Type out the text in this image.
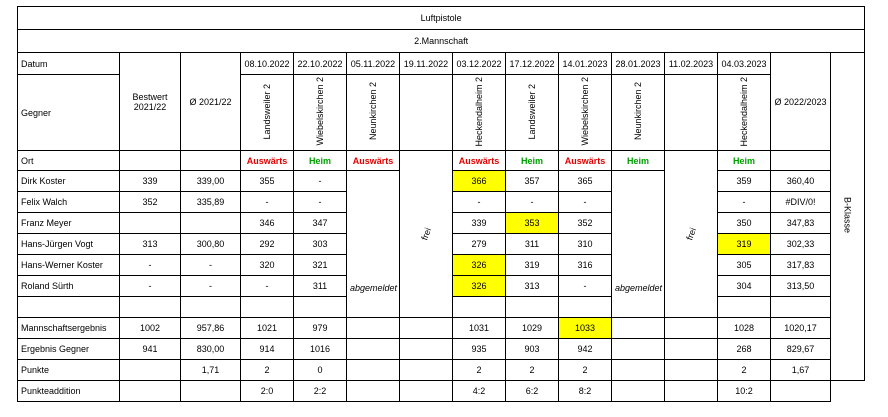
Luftpistole														
2.Mannschaft														
Datum	Bestwert 2021/22	Ø 2021/22	08.10.2022	22.10.2022	05.11.2022	19.11.2022	03.12.2022	17.12.2022	14.01.2023	28.01.2023	11.02.2023	04.03.2023	Ø 2022/2023	B-Klasse
Gegner			Landsweiler 2	Wiebelskirchen 2	Neunkirchen 2		Heckendalheim 2	Landsweiler 2	Wiebelskirchen 2	Neunkirchen 2		Heckendalheim 2		
Ort			Auswärts	Heim	Auswärts	frei	Auswärts	Heim	Auswärts	Heim	frei	Heim		
Dirk Koster	339	339,00	355	-	abgemeldet		366	357	365	abgemeldet		359	360,40	
Felix Walch	352	335,89	-	-			-	-	-			-	#DIV/0!	
Franz Meyer			346	347			339	353	352			350	347,83	
Hans-Jürgen Vogt	313	300,80	292	303			279	311	310			319	302,33	
Hans-Werner Koster	-	-	320	321			326	319	316			305	317,83	
Roland Sürth	-	-	-	311			326	313	-			304	313,50	

Mannschaftsergebnis	1002	957,86	1021	979			1031	1029	1033			1028	1020,17	
Ergebnis Gegner	941	830,00	914	1016			935	903	942			268	829,67	
Punkte		1,71	2	0			2	2	2			2	1,67	
Punkteaddition			2:0	2:2			4:2	6:2	8:2			10:2		
